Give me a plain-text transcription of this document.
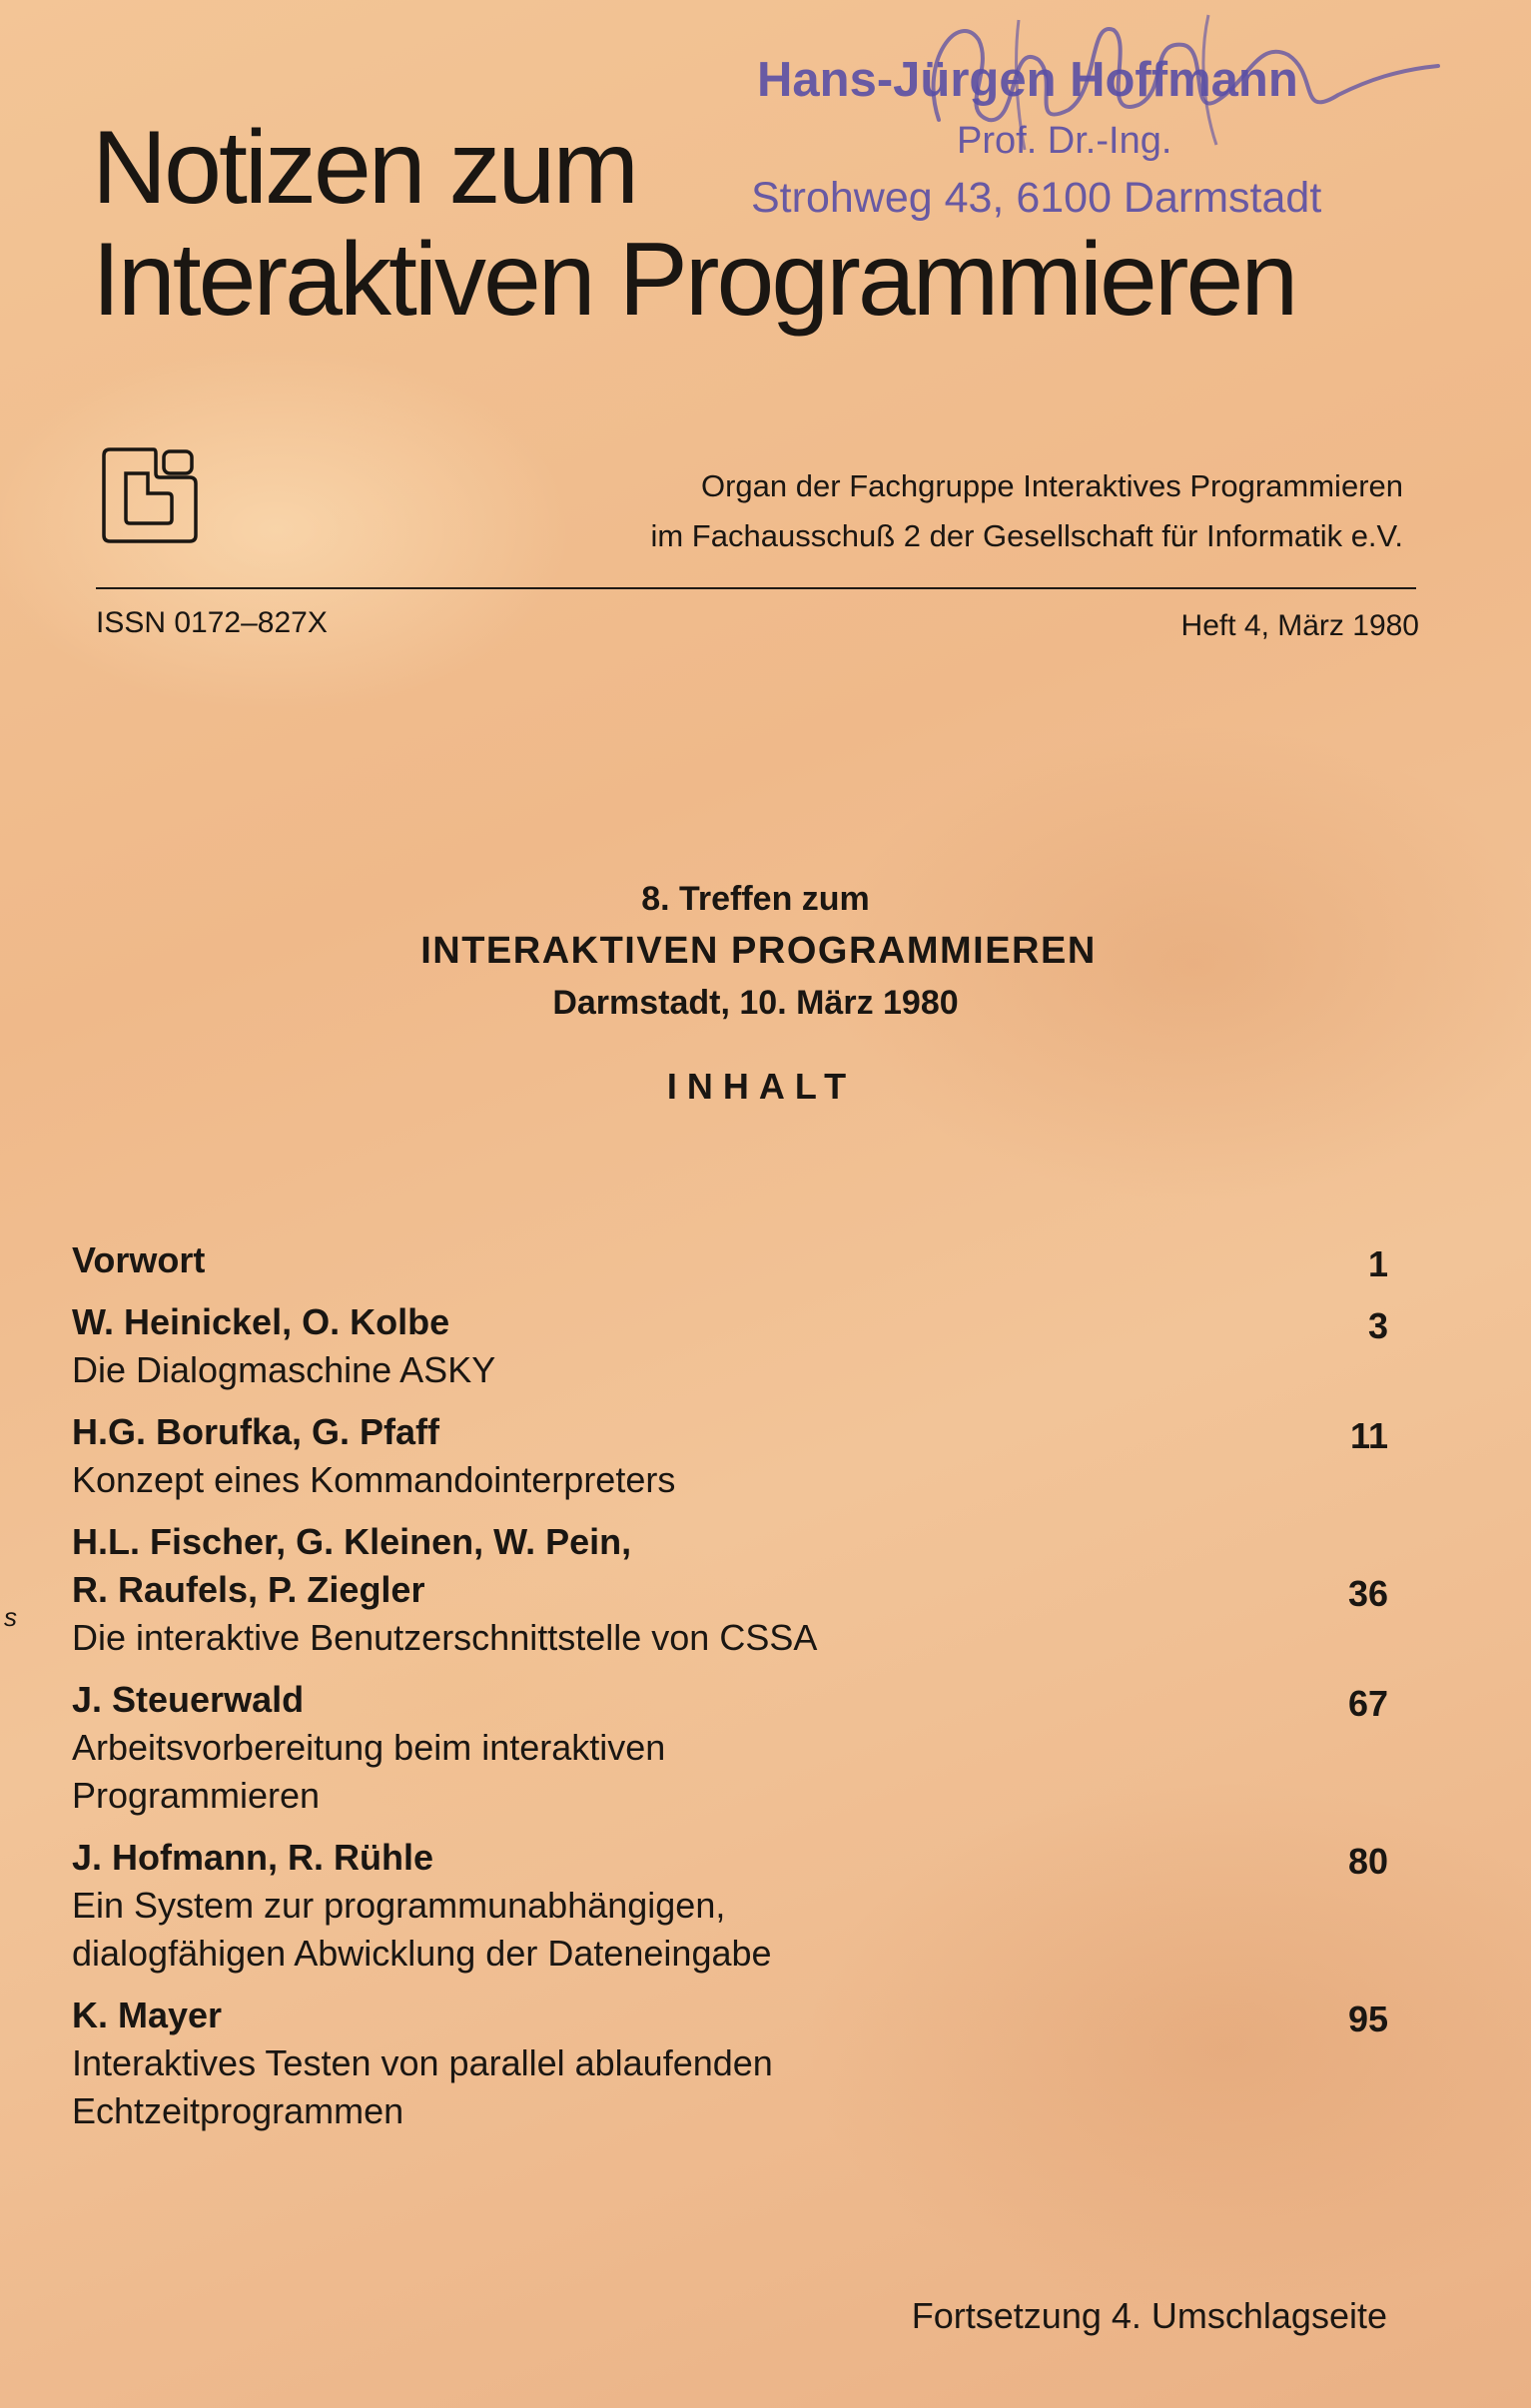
Notizen zum
Interaktiven Programmieren
Hans-Jürgen Hoffmann
Prof. Dr.-Ing.
Strohweg 43, 6100 Darmstadt
Organ der Fachgruppe Interaktives Programmieren
im Fachausschuß 2 der Gesellschaft für Informatik e.V.
ISSN 0172–827X	Heft 4, März 1980
8. Treffen zum
INTERAKTIVEN PROGRAMMIEREN
Darmstadt, 10. März 1980
INHALT
Vorwort	1
W. Heinickel, O. Kolbe
Die Dialogmaschine ASKY
3
H.G. Borufka, G. Pfaff
Konzept eines Kommandointerpreters
11
H.L. Fischer, G. Kleinen, W. Pein,
R. Raufels, P. Ziegler
Die interaktive Benutzerschnittstelle von CSSA
36
J. Steuerwald
Arbeitsvorbereitung beim interaktiven
Programmieren
67
J. Hofmann, R. Rühle
Ein System zur programmunabhängigen,
dialogfähigen Abwicklung der Dateneingabe
80
K. Mayer
Interaktives Testen von parallel ablaufenden
Echtzeitprogrammen
95
s
Fortsetzung 4. Umschlagseite
